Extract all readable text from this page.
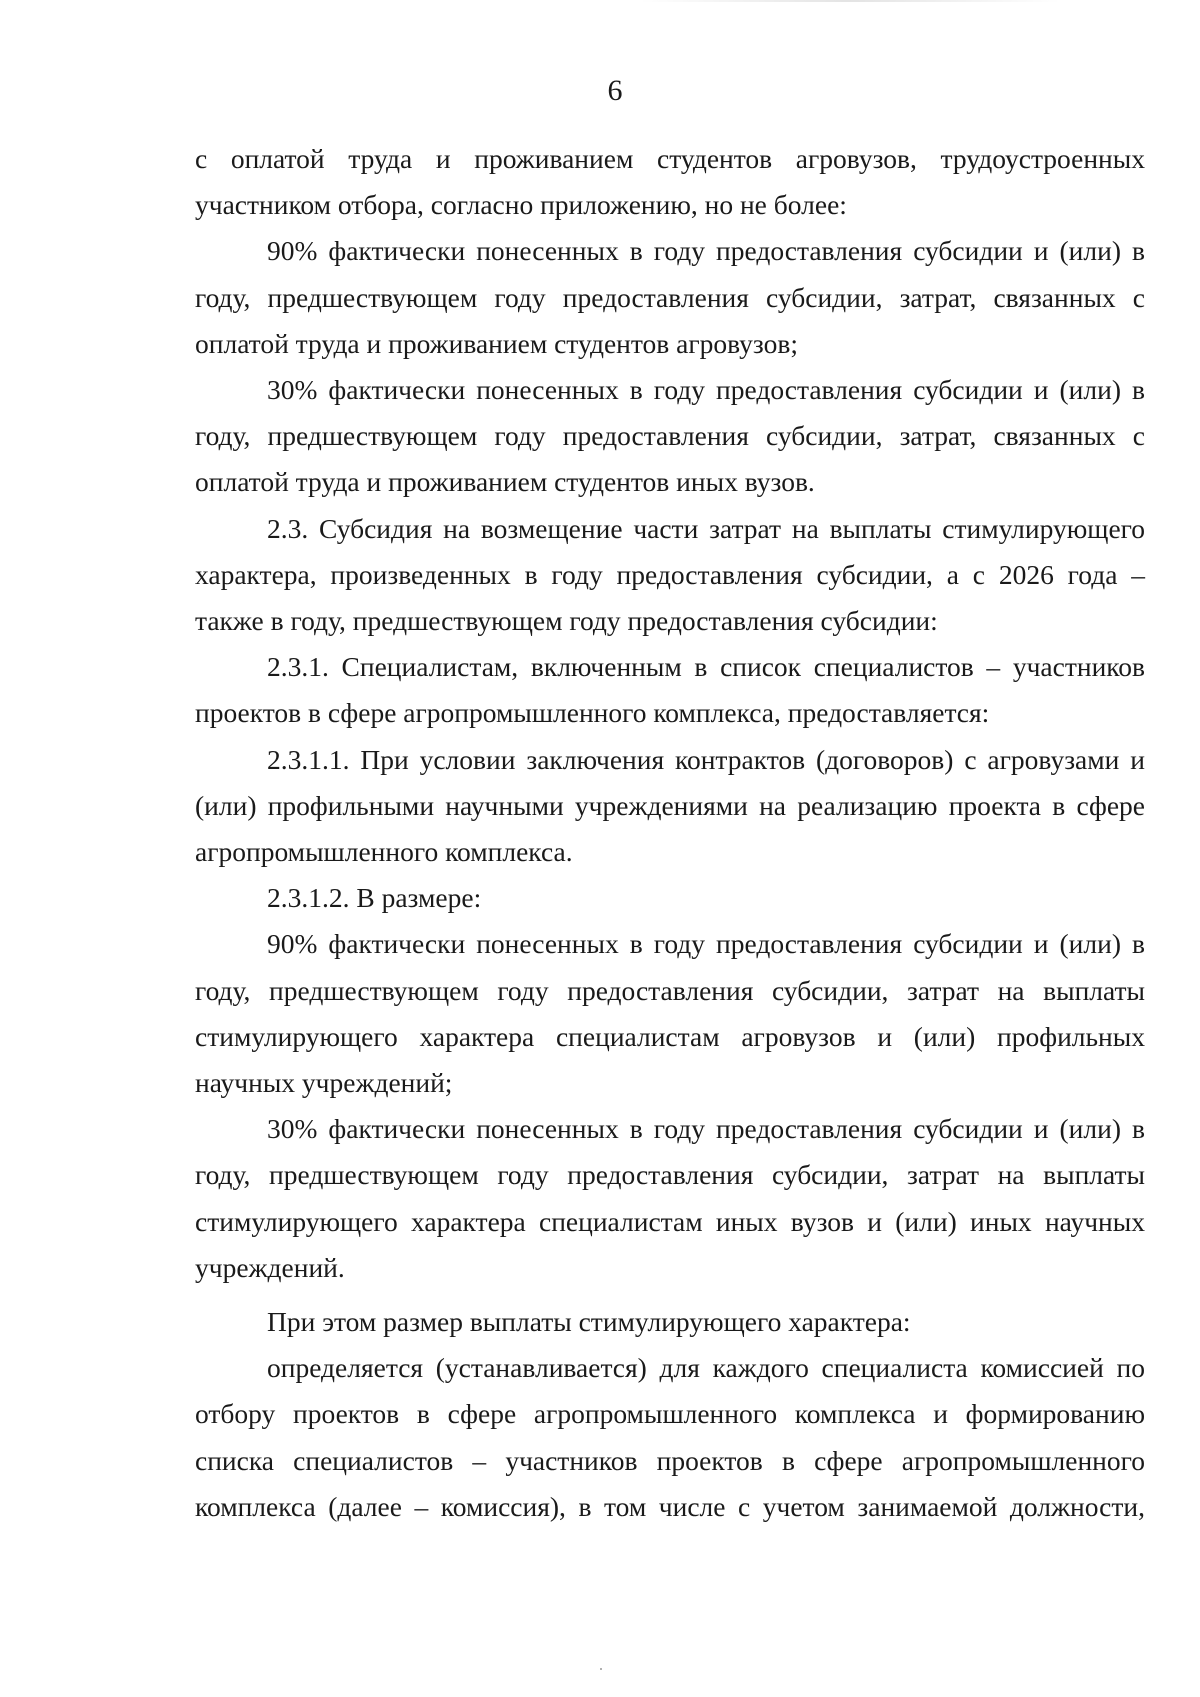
6

с оплатой труда и проживанием студентов агровузов, трудоустроенных участником отбора, согласно приложению, но не более:

90% фактически понесенных в году предоставления субсидии и (или) в году, предшествующем году предоставления субсидии, затрат, связанных с оплатой труда и проживанием студентов агровузов;

30% фактически понесенных в году предоставления субсидии и (или) в году, предшествующем году предоставления субсидии, затрат, связанных с оплатой труда и проживанием студентов иных вузов.

2.3. Субсидия на возмещение части затрат на выплаты стимулирующего характера, произведенных в году предоставления субсидии, а с 2026 года – также в году, предшествующем году предоставления субсидии:

2.3.1. Специалистам, включенным в список специалистов – участников проектов в сфере агропромышленного комплекса, предоставляется:

2.3.1.1. При условии заключения контрактов (договоров) с агровузами и (или) профильными научными учреждениями на реализацию проекта в сфере агропромышленного комплекса.

2.3.1.2. В размере:

90% фактически понесенных в году предоставления субсидии и (или) в году, предшествующем году предоставления субсидии, затрат на выплаты стимулирующего характера специалистам агровузов и (или) профильных научных учреждений;

30% фактически понесенных в году предоставления субсидии и (или) в году, предшествующем году предоставления субсидии, затрат на выплаты стимулирующего характера специалистам иных вузов и (или) иных научных учреждений.

При этом размер выплаты стимулирующего характера:

определяется (устанавливается) для каждого специалиста комиссией по отбору проектов в сфере агропромышленного комплекса и формированию списка специалистов – участников проектов в сфере агропромышленного комплекса (далее – комиссия), в том числе с учетом занимаемой должности,
